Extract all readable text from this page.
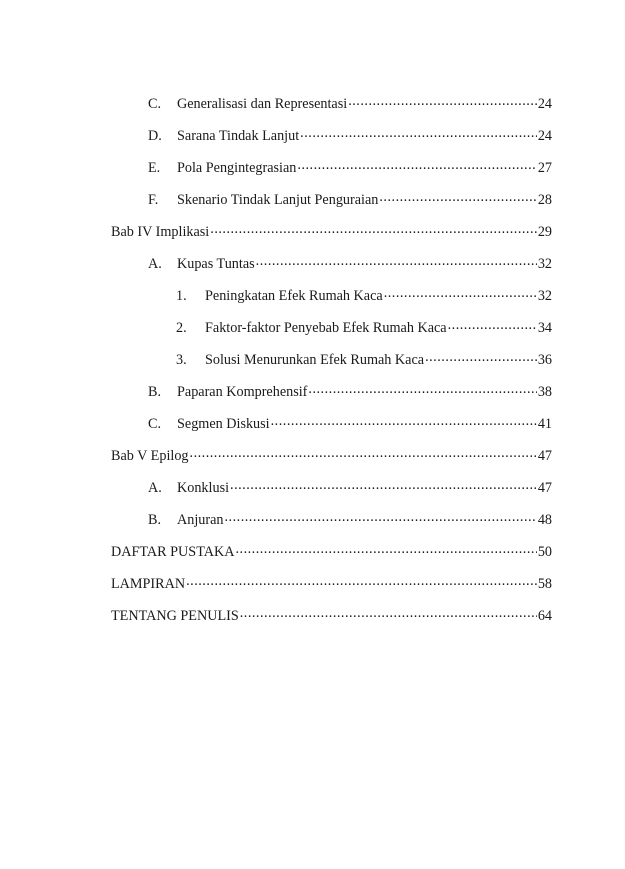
C.	Generalisasi dan Representasi .....	24
D.	Sarana Tindak Lanjut .....	24
E.	Pola Pengintegrasian .....	27
F.	Skenario Tindak Lanjut Penguraian .....	28
Bab IV Implikasi .....	29
A.	Kupas Tuntas .....	32
1.	Peningkatan Efek Rumah Kaca .....	32
2.	Faktor-faktor Penyebab Efek Rumah Kaca .....	34
3.	Solusi Menurunkan Efek Rumah Kaca .....	36
B.	Paparan Komprehensif .....	38
C.	Segmen Diskusi .....	41
Bab V Epilog .....	47
A.	Konklusi .....	47
B.	Anjuran .....	48
DAFTAR PUSTAKA .....	50
LAMPIRAN .....	58
TENTANG PENULIS .....	64
